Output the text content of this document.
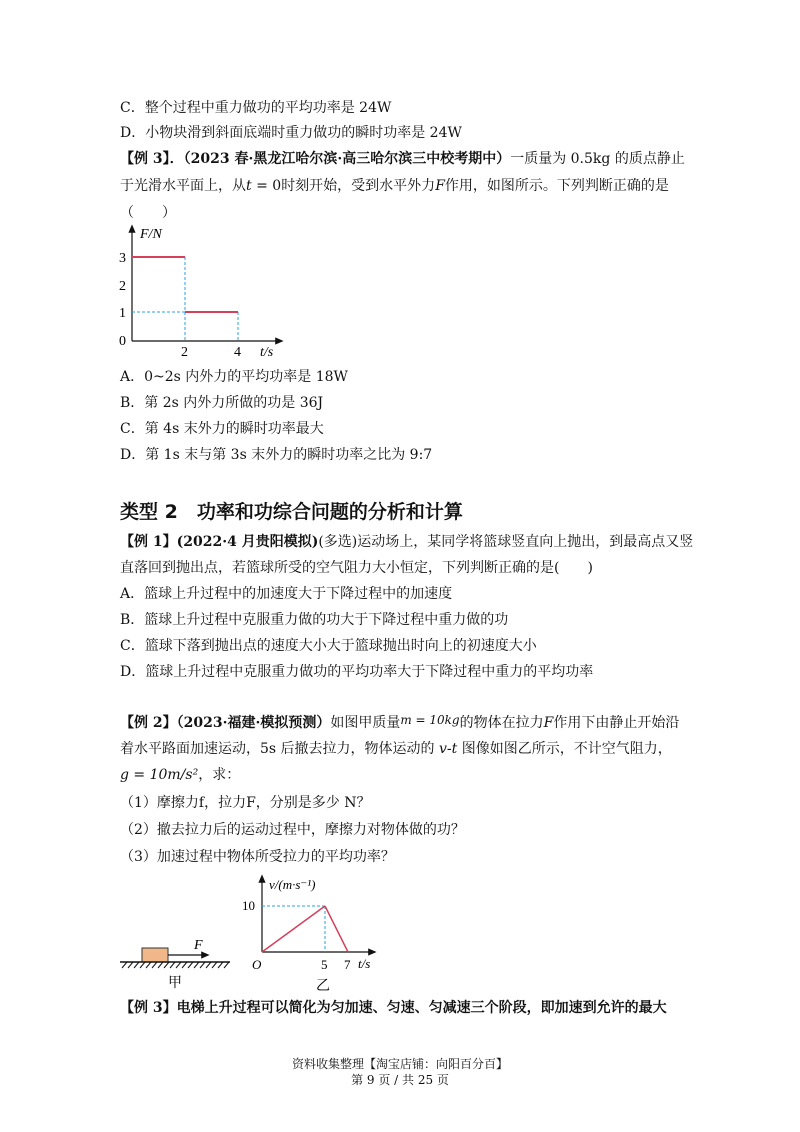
C．整个过程中重力做功的平均功率是 24W
D．小物块滑到斜面底端时重力做功的瞬时功率是 24W
【例 3】．（2023 春·黑龙江哈尔滨·高三哈尔滨三中校考期中）一质量为 0.5kg 的质点静止
于光滑水平面上，从t = 0时刻开始，受到水平外力F作用，如图所示。下列判断正确的是
（　　）
F/N
t/s
3
2
1
0
2	4
A．0~2s 内外力的平均功率是 18W
B．第 2s 内外力所做的功是 36J
C．第 4s 末外力的瞬时功率最大
D．第 1s 末与第 3s 末外力的瞬时功率之比为 9:7
类型 2　功率和功综合问题的分析和计算
【例 1】(2022·4 月贵阳模拟)(多选)运动场上，某同学将篮球竖直向上抛出，到最高点又竖
直落回到抛出点，若篮球所受的空气阻力大小恒定，下列判断正确的是(　　)
A．篮球上升过程中的加速度大于下降过程中的加速度
B．篮球上升过程中克服重力做的功大于下降过程中重力做的功
C．篮球下落到抛出点的速度大小大于篮球抛出时向上的初速度大小
D．篮球上升过程中克服重力做功的平均功率大于下降过程中重力的平均功率
【例 2】（2023·福建·模拟预测）如图甲质量m = 10kg的物体在拉力F作用下由静止开始沿
着水平路面加速运动，5s 后撤去拉力，物体运动的 v-t 图像如图乙所示，不计空气阻力，
g = 10m/s²，求：
（1）摩擦力f，拉力F，分别是多少 N？
（2）撤去拉力后的运动过程中，摩擦力对物体做的功？
（3）加速过程中物体所受拉力的平均功率？
F
甲
v/(m·s⁻¹)
t/s
O
10
5 7
乙
【例 3】电梯上升过程可以简化为匀加速、匀速、匀减速三个阶段，即加速到允许的最大
资料收集整理【淘宝店铺：向阳百分百】
第 9 页 / 共 25 页
